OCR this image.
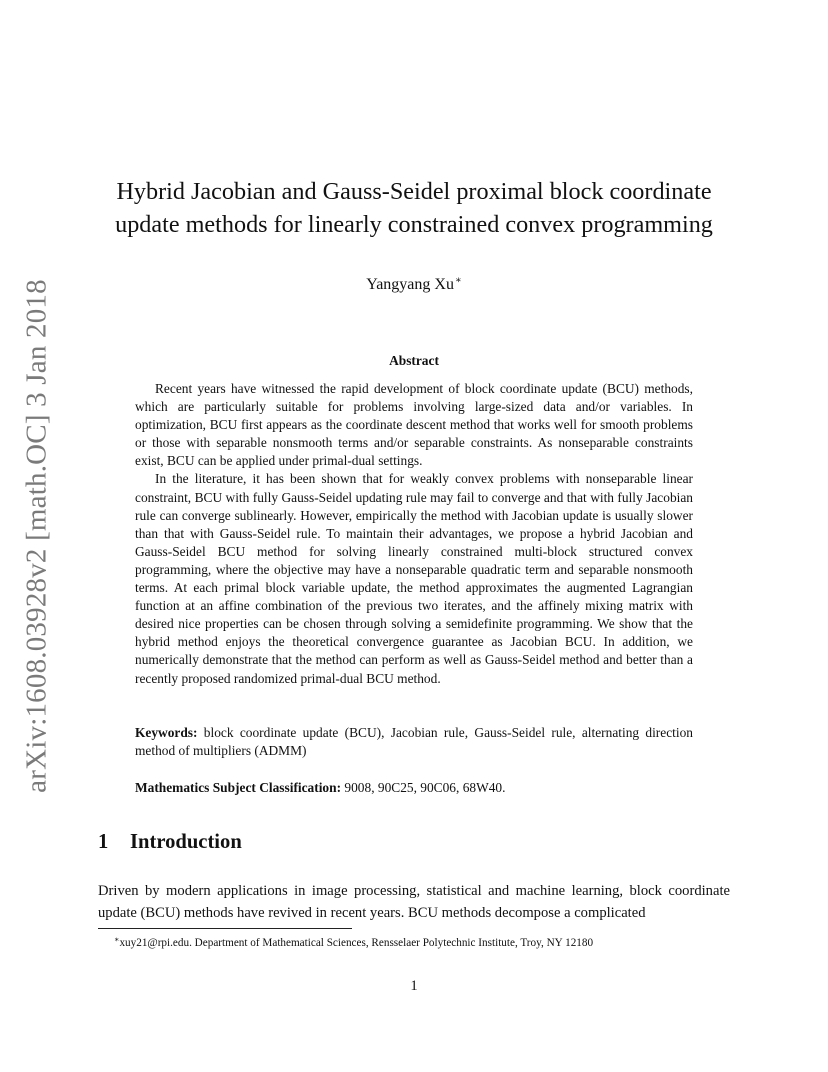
arXiv:1608.03928v2 [math.OC] 3 Jan 2018
Hybrid Jacobian and Gauss-Seidel proximal block coordinate
update methods for linearly constrained convex programming
Yangyang Xu∗
Abstract

Recent years have witnessed the rapid development of block coordinate update (BCU) methods, which are particularly suitable for problems involving large-sized data and/or variables. In optimization, BCU first appears as the coordinate descent method that works well for smooth problems or those with separable nonsmooth terms and/or separable constraints. As nonseparable constraints exist, BCU can be applied under primal-dual settings.

In the literature, it has been shown that for weakly convex problems with nonseparable linear constraint, BCU with fully Gauss-Seidel updating rule may fail to converge and that with fully Jacobian rule can converge sublinearly. However, empirically the method with Jacobian update is usually slower than that with Gauss-Seidel rule. To maintain their advantages, we propose a hybrid Jacobian and Gauss-Seidel BCU method for solving linearly constrained multi-block structured convex programming, where the objective may have a nonseparable quadratic term and separable nonsmooth terms. At each primal block variable update, the method approximates the augmented Lagrangian function at an affine combination of the previous two iterates, and the affinely mixing matrix with desired nice properties can be chosen through solving a semidefinite programming. We show that the hybrid method enjoys the theoretical convergence guarantee as Jacobian BCU. In addition, we numerically demonstrate that the method can perform as well as Gauss-Seidel method and better than a recently proposed randomized primal-dual BCU method.

Keywords: block coordinate update (BCU), Jacobian rule, Gauss-Seidel rule, alternating direction method of multipliers (ADMM)
Mathematics Subject Classification: 9008, 90C25, 90C06, 68W40.
1 Introduction

Driven by modern applications in image processing, statistical and machine learning, block coordinate update (BCU) methods have revived in recent years. BCU methods decompose a complicated

∗xuy21@rpi.edu. Department of Mathematical Sciences, Rensselaer Polytechnic Institute, Troy, NY 12180
1
